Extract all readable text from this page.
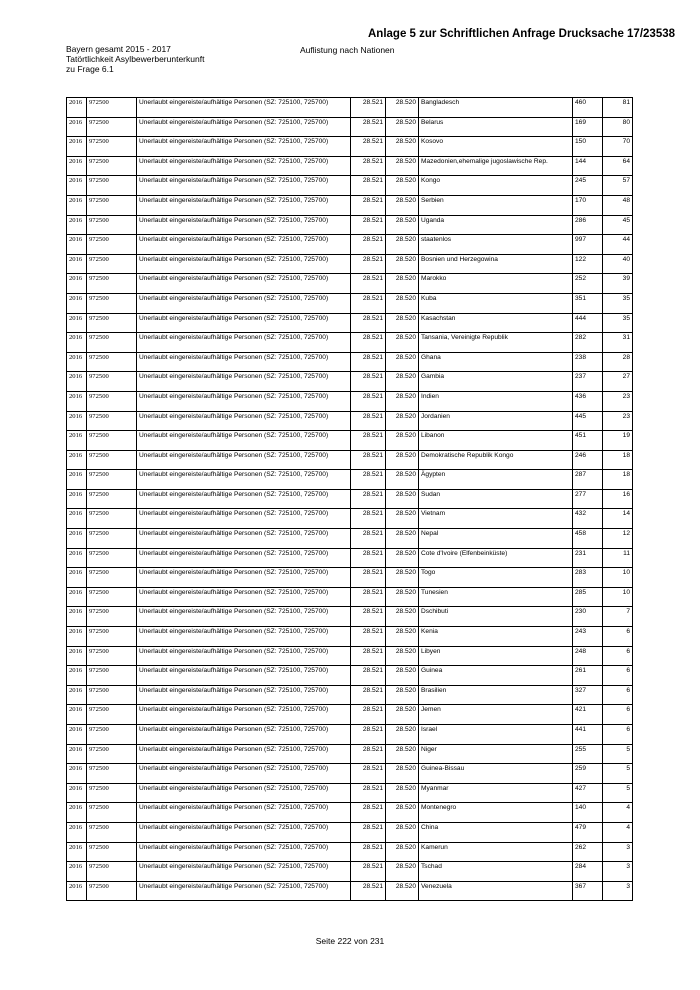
Anlage 5 zur Schriftlichen Anfrage Drucksache 17/23538
Bayern gesamt 2015 - 2017
Tatörtlichkeit Asylbewerberunterkunft
zu Frage 6.1
Auflistung nach Nationen
2016	972500	Unerlaubt eingereiste/aufhältige Personen (SZ: 725100, 725700)	28.521	28.520	Bangladesch	460	81
2016	972500	Unerlaubt eingereiste/aufhältige Personen (SZ: 725100, 725700)	28.521	28.520	Belarus	169	80
2016	972500	Unerlaubt eingereiste/aufhältige Personen (SZ: 725100, 725700)	28.521	28.520	Kosovo	150	70
2016	972500	Unerlaubt eingereiste/aufhältige Personen (SZ: 725100, 725700)	28.521	28.520	Mazedonien,ehemalige jugoslawische Rep.	144	64
2016	972500	Unerlaubt eingereiste/aufhältige Personen (SZ: 725100, 725700)	28.521	28.520	Kongo	245	57
2016	972500	Unerlaubt eingereiste/aufhältige Personen (SZ: 725100, 725700)	28.521	28.520	Serbien	170	48
2016	972500	Unerlaubt eingereiste/aufhältige Personen (SZ: 725100, 725700)	28.521	28.520	Uganda	286	45
2016	972500	Unerlaubt eingereiste/aufhältige Personen (SZ: 725100, 725700)	28.521	28.520	staatenlos	997	44
2016	972500	Unerlaubt eingereiste/aufhältige Personen (SZ: 725100, 725700)	28.521	28.520	Bosnien und Herzegowina	122	40
2016	972500	Unerlaubt eingereiste/aufhältige Personen (SZ: 725100, 725700)	28.521	28.520	Marokko	252	39
2016	972500	Unerlaubt eingereiste/aufhältige Personen (SZ: 725100, 725700)	28.521	28.520	Kuba	351	35
2016	972500	Unerlaubt eingereiste/aufhältige Personen (SZ: 725100, 725700)	28.521	28.520	Kasachstan	444	35
2016	972500	Unerlaubt eingereiste/aufhältige Personen (SZ: 725100, 725700)	28.521	28.520	Tansania, Vereinigte Republik	282	31
2016	972500	Unerlaubt eingereiste/aufhältige Personen (SZ: 725100, 725700)	28.521	28.520	Ghana	238	28
2016	972500	Unerlaubt eingereiste/aufhältige Personen (SZ: 725100, 725700)	28.521	28.520	Gambia	237	27
2016	972500	Unerlaubt eingereiste/aufhältige Personen (SZ: 725100, 725700)	28.521	28.520	Indien	436	23
2016	972500	Unerlaubt eingereiste/aufhältige Personen (SZ: 725100, 725700)	28.521	28.520	Jordanien	445	23
2016	972500	Unerlaubt eingereiste/aufhältige Personen (SZ: 725100, 725700)	28.521	28.520	Libanon	451	19
2016	972500	Unerlaubt eingereiste/aufhältige Personen (SZ: 725100, 725700)	28.521	28.520	Demokratische Republik Kongo	246	18
2016	972500	Unerlaubt eingereiste/aufhältige Personen (SZ: 725100, 725700)	28.521	28.520	Ägypten	287	18
2016	972500	Unerlaubt eingereiste/aufhältige Personen (SZ: 725100, 725700)	28.521	28.520	Sudan	277	16
2016	972500	Unerlaubt eingereiste/aufhältige Personen (SZ: 725100, 725700)	28.521	28.520	Vietnam	432	14
2016	972500	Unerlaubt eingereiste/aufhältige Personen (SZ: 725100, 725700)	28.521	28.520	Nepal	458	12
2016	972500	Unerlaubt eingereiste/aufhältige Personen (SZ: 725100, 725700)	28.521	28.520	Cote d'Ivoire (Elfenbeinküste)	231	11
2016	972500	Unerlaubt eingereiste/aufhältige Personen (SZ: 725100, 725700)	28.521	28.520	Togo	283	10
2016	972500	Unerlaubt eingereiste/aufhältige Personen (SZ: 725100, 725700)	28.521	28.520	Tunesien	285	10
2016	972500	Unerlaubt eingereiste/aufhältige Personen (SZ: 725100, 725700)	28.521	28.520	Dschibuti	230	7
2016	972500	Unerlaubt eingereiste/aufhältige Personen (SZ: 725100, 725700)	28.521	28.520	Kenia	243	6
2016	972500	Unerlaubt eingereiste/aufhältige Personen (SZ: 725100, 725700)	28.521	28.520	Libyen	248	6
2016	972500	Unerlaubt eingereiste/aufhältige Personen (SZ: 725100, 725700)	28.521	28.520	Guinea	261	6
2016	972500	Unerlaubt eingereiste/aufhältige Personen (SZ: 725100, 725700)	28.521	28.520	Brasilien	327	6
2016	972500	Unerlaubt eingereiste/aufhältige Personen (SZ: 725100, 725700)	28.521	28.520	Jemen	421	6
2016	972500	Unerlaubt eingereiste/aufhältige Personen (SZ: 725100, 725700)	28.521	28.520	Israel	441	6
2016	972500	Unerlaubt eingereiste/aufhältige Personen (SZ: 725100, 725700)	28.521	28.520	Niger	255	5
2016	972500	Unerlaubt eingereiste/aufhältige Personen (SZ: 725100, 725700)	28.521	28.520	Guinea-Bissau	259	5
2016	972500	Unerlaubt eingereiste/aufhältige Personen (SZ: 725100, 725700)	28.521	28.520	Myanmar	427	5
2016	972500	Unerlaubt eingereiste/aufhältige Personen (SZ: 725100, 725700)	28.521	28.520	Montenegro	140	4
2016	972500	Unerlaubt eingereiste/aufhältige Personen (SZ: 725100, 725700)	28.521	28.520	China	479	4
2016	972500	Unerlaubt eingereiste/aufhältige Personen (SZ: 725100, 725700)	28.521	28.520	Kamerun	262	3
2016	972500	Unerlaubt eingereiste/aufhältige Personen (SZ: 725100, 725700)	28.521	28.520	Tschad	284	3
2016	972500	Unerlaubt eingereiste/aufhältige Personen (SZ: 725100, 725700)	28.521	28.520	Venezuela	367	3
Seite 222 von 231
